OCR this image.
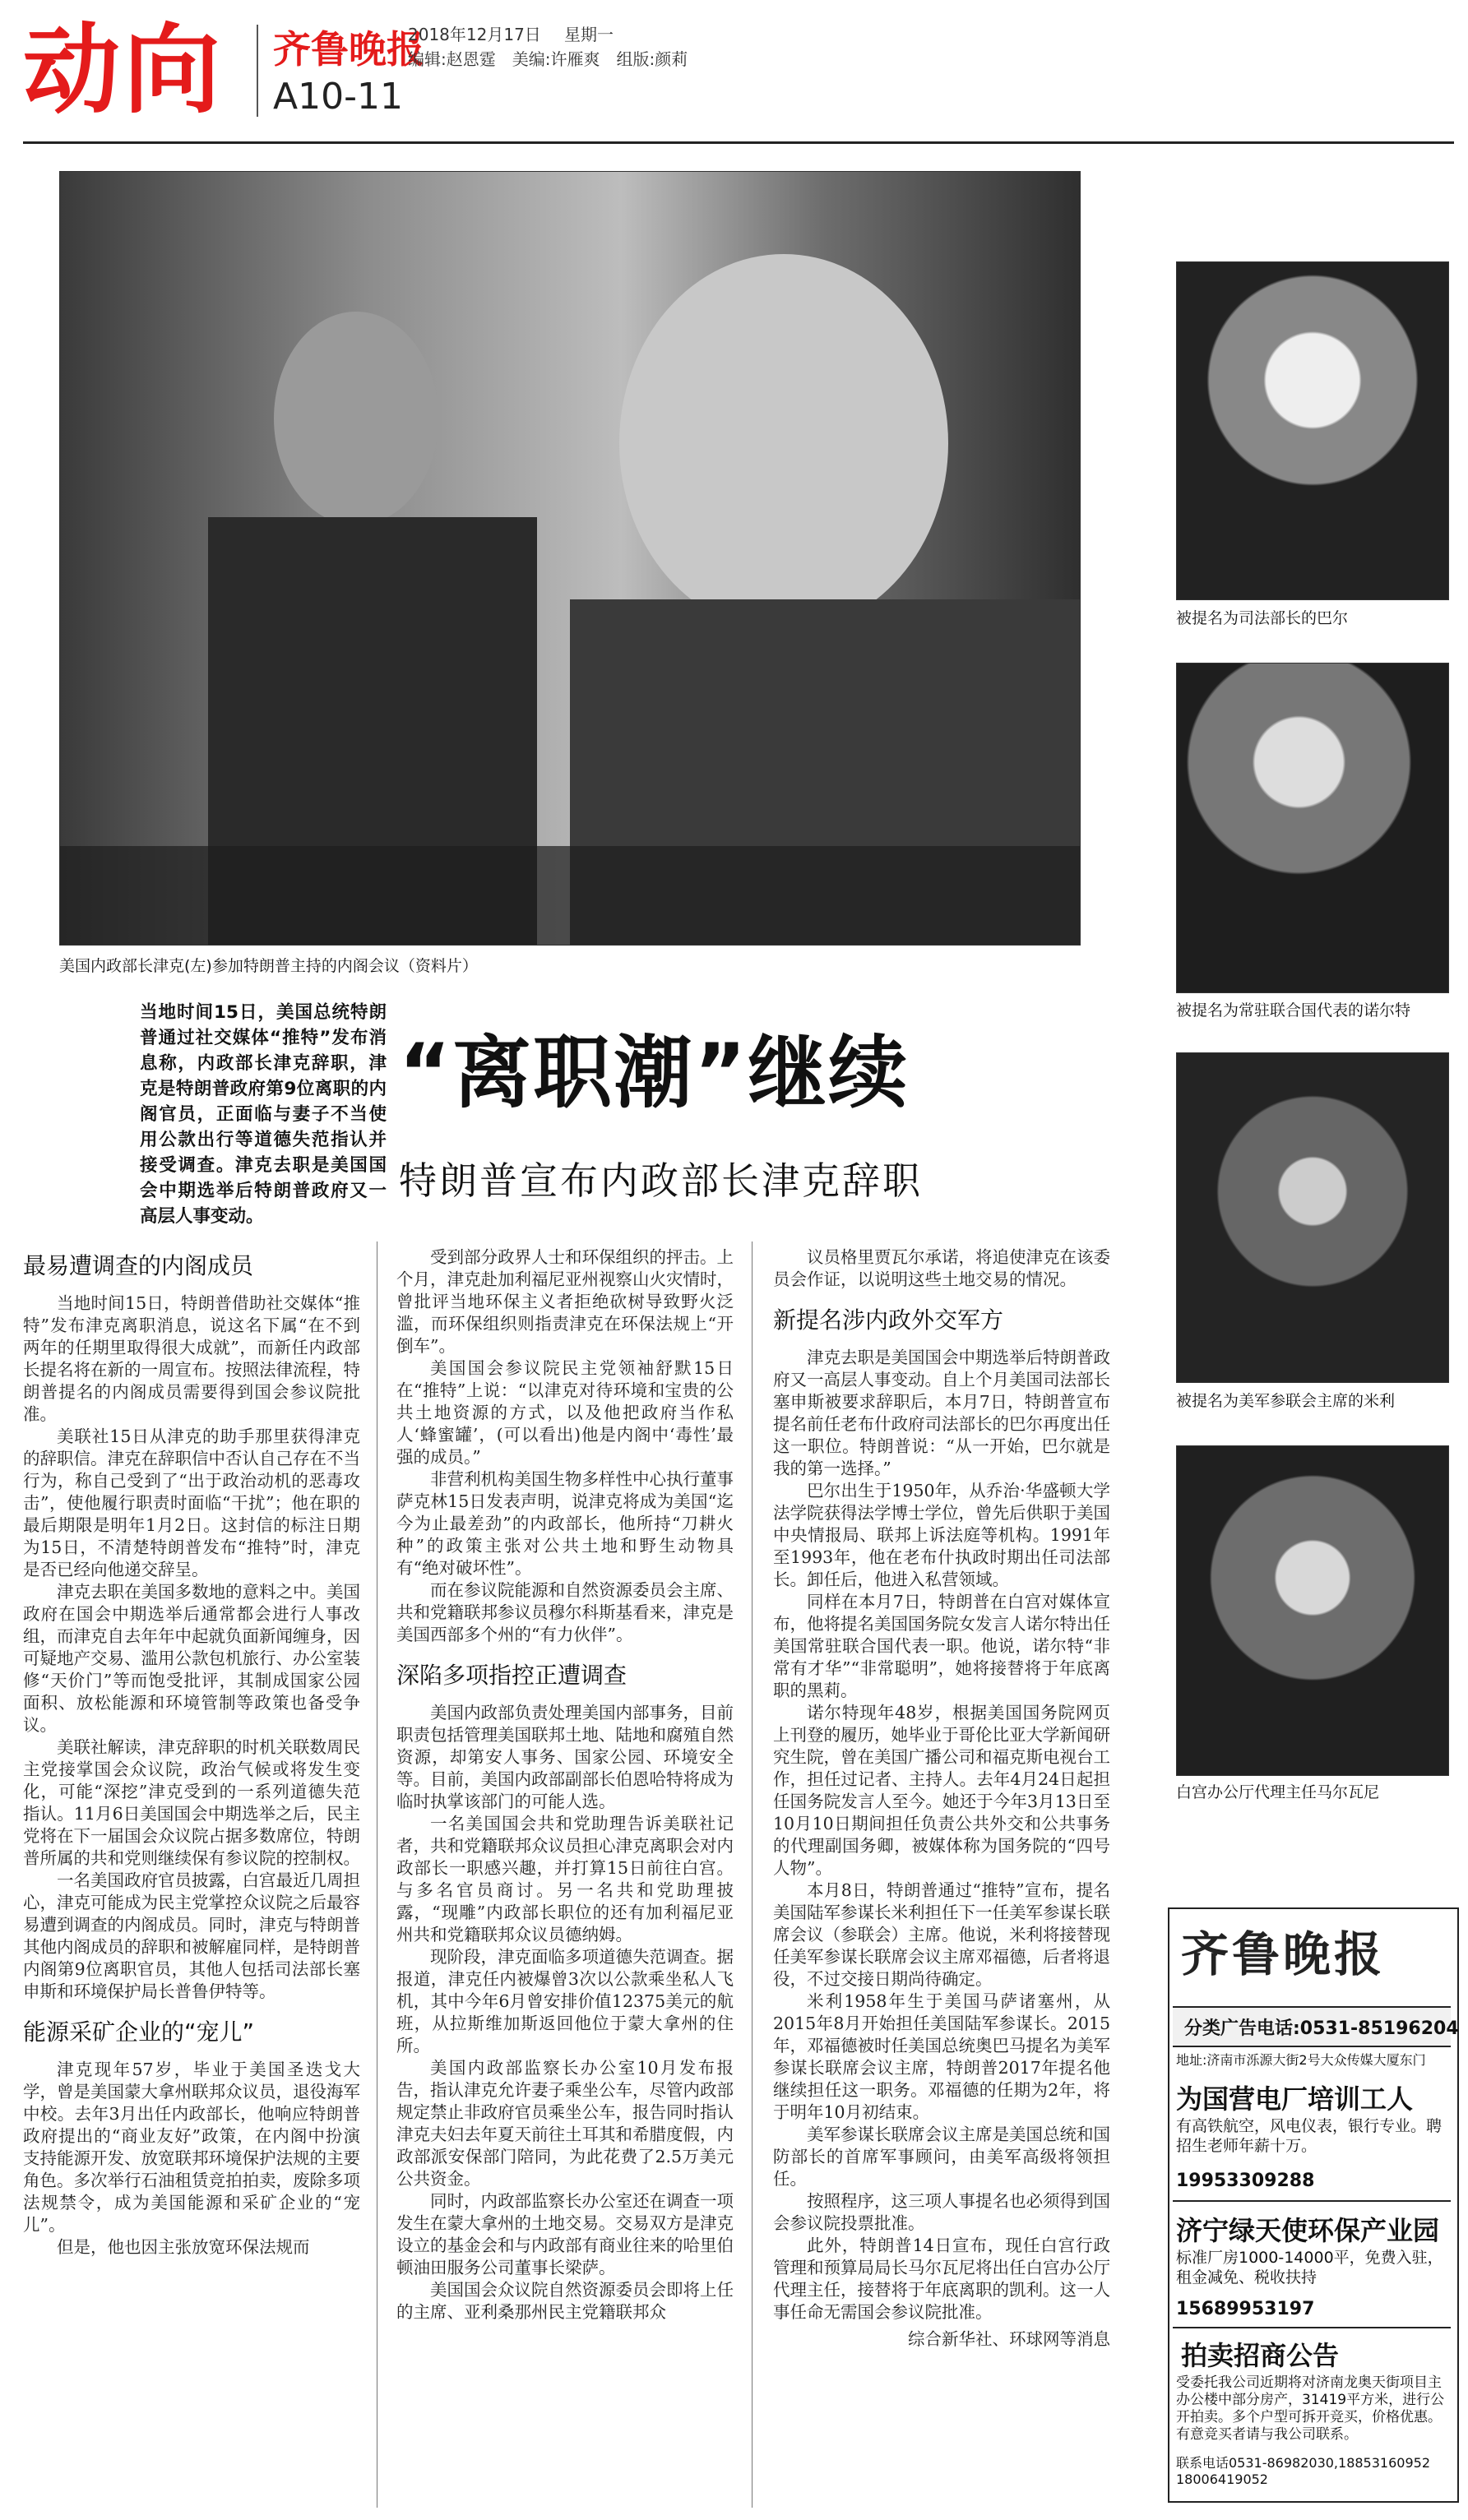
动向	齐鲁晚报
2018年12月17日 星期一
编辑:赵恩霆　美编:许雁爽　组版:颜莉
A10-11
美国内政部长津克(左)参加特朗普主持的内阁会议（资料片）
当地时间15日，美国总统特朗普通过社交媒体“推特”发布消息称，内政部长津克辞职，津克是特朗普政府第9位离职的内阁官员，正面临与妻子不当使用公款出行等道德失范指认并接受调查。津克去职是美国国会中期选举后特朗普政府又一高层人事变动。
“离职潮”继续
特朗普宣布内政部长津克辞职
最易遭调查的内阁成员

当地时间15日，特朗普借助社交媒体“推特”发布津克离职消息，说这名下属“在不到两年的任期里取得很大成就”，而新任内政部长提名将在新的一周宣布。按照法律流程，特朗普提名的内阁成员需要得到国会参议院批准。

美联社15日从津克的助手那里获得津克的辞职信。津克在辞职信中否认自己存在不当行为，称自己受到了“出于政治动机的恶毒攻击”，使他履行职责时面临“干扰”；他在职的最后期限是明年1月2日。这封信的标注日期为15日，不清楚特朗普发布“推特”时，津克是否已经向他递交辞呈。

津克去职在美国多数地的意料之中。美国政府在国会中期选举后通常都会进行人事改组，而津克自去年年中起就负面新闻缠身，因可疑地产交易、滥用公款包机旅行、办公室装修“天价门”等而饱受批评，其制成国家公园面积、放松能源和环境管制等政策也备受争议。

美联社解读，津克辞职的时机关联数周民主党接掌国会众议院，政治气候或将发生变化，可能“深挖”津克受到的一系列道德失范指认。11月6日美国国会中期选举之后，民主党将在下一届国会众议院占据多数席位，特朗普所属的共和党则继续保有参议院的控制权。

一名美国政府官员披露，白宫最近几周担心，津克可能成为民主党掌控众议院之后最容易遭到调查的内阁成员。同时，津克与特朗普其他内阁成员的辞职和被解雇同样，是特朗普内阁第9位离职官员，其他人包括司法部长塞申斯和环境保护局长普鲁伊特等。

能源采矿企业的“宠儿”

津克现年57岁，毕业于美国圣迭戈大学，曾是美国蒙大拿州联邦众议员，退役海军中校。去年3月出任内政部长，他响应特朗普政府提出的“商业友好”政策，在内阁中扮演支持能源开发、放宽联邦环境保护法规的主要角色。多次举行石油租赁竞拍拍卖，废除多项法规禁令，成为美国能源和采矿企业的“宠儿”。

但是，他也因主张放宽环保法规而

受到部分政界人士和环保组织的抨击。上个月，津克赴加利福尼亚州视察山火灾情时，曾批评当地环保主义者拒绝砍树导致野火泛滥，而环保组织则指责津克在环保法规上“开倒车”。

美国国会参议院民主党领袖舒默15日在“推特”上说：“以津克对待环境和宝贵的公共土地资源的方式，以及他把政府当作私人‘蜂蜜罐’，(可以看出)他是内阁中‘毒性’最强的成员。”

非营利机构美国生物多样性中心执行董事萨克林15日发表声明，说津克将成为美国“迄今为止最差劲”的内政部长，他所持“刀耕火种”的政策主张对公共土地和野生动物具有“绝对破坏性”。

而在参议院能源和自然资源委员会主席、共和党籍联邦参议员穆尔科斯基看来，津克是美国西部多个州的“有力伙伴”。

深陷多项指控正遭调查

美国内政部负责处理美国内部事务，目前职责包括管理美国联邦土地、陆地和腐殖自然资源，却第安人事务、国家公园、环境安全等。目前，美国内政部副部长伯恩哈特将成为临时执掌该部门的可能人选。

一名美国国会共和党助理告诉美联社记者，共和党籍联邦众议员担心津克离职会对内政部长一职感兴趣，并打算15日前往白宫。与多名官员商讨。另一名共和党助理披露，“现雕”内政部长职位的还有加利福尼亚州共和党籍联邦众议员德纳姆。

现阶段，津克面临多项道德失范调查。据报道，津克任内被爆曾3次以公款乘坐私人飞机，其中今年6月曾安排价值12375美元的航班，从拉斯维加斯返回他位于蒙大拿州的住所。

美国内政部监察长办公室10月发布报告，指认津克允许妻子乘坐公车，尽管内政部规定禁止非政府官员乘坐公车，报告同时指认津克夫妇去年夏天前往土耳其和希腊度假，内政部派安保部门陪同，为此花费了2.5万美元公共资金。

同时，内政部监察长办公室还在调查一项发生在蒙大拿州的土地交易。交易双方是津克设立的基金会和与内政部有商业往来的哈里伯顿油田服务公司董事长梁萨。

美国国会众议院自然资源委员会即将上任的主席、亚利桑那州民主党籍联邦众

议员格里贾瓦尔承诺，将追使津克在该委员会作证，以说明这些土地交易的情况。

新提名涉内政外交军方

津克去职是美国国会中期选举后特朗普政府又一高层人事变动。自上个月美国司法部长塞申斯被要求辞职后，本月7日，特朗普宣布提名前任老布什政府司法部长的巴尔再度出任这一职位。特朗普说：“从一开始，巴尔就是我的第一选择。”

巴尔出生于1950年，从乔治·华盛顿大学法学院获得法学博士学位，曾先后供职于美国中央情报局、联邦上诉法庭等机构。1991年至1993年，他在老布什执政时期出任司法部长。卸任后，他进入私营领域。

同样在本月7日，特朗普在白宫对媒体宣布，他将提名美国国务院女发言人诺尔特出任美国常驻联合国代表一职。他说，诺尔特“非常有才华”“非常聪明”，她将接替将于年底离职的黑莉。

诺尔特现年48岁，根据美国国务院网页上刊登的履历，她毕业于哥伦比亚大学新闻研究生院，曾在美国广播公司和福克斯电视台工作，担任过记者、主持人。去年4月24日起担任国务院发言人至今。她还于今年3月13日至10月10日期间担任负责公共外交和公共事务的代理副国务卿，被媒体称为国务院的“四号人物”。

本月8日，特朗普通过“推特”宣布，提名美国陆军参谋长米利担任下一任美军参谋长联席会议（参联会）主席。他说，米利将接替现任美军参谋长联席会议主席邓福德，后者将退役，不过交接日期尚待确定。

米利1958年生于美国马萨诸塞州，从2015年8月开始担任美国陆军参谋长。2015年，邓福德被时任美国总统奥巴马提名为美军参谋长联席会议主席，特朗普2017年提名他继续担任这一职务。邓福德的任期为2年，将于明年10月初结束。

美军参谋长联席会议主席是美国总统和国防部长的首席军事顾问，由美军高级将领担任。

按照程序，这三项人事提名也必须得到国会参议院投票批准。

此外，特朗普14日宣布，现任白宫行政管理和预算局局长马尔瓦尼将出任白宫办公厅代理主任，接替将于年底离职的凯利。这一人事任命无需国会参议院批准。

综合新华社、环球网等消息
被提名为司法部长的巴尔
被提名为常驻联合国代表的诺尔特
被提名为美军参联会主席的米利
白宫办公厅代理主任马尔瓦尼
齐鲁晚报
分类广告电话:0531-85196204
地址:济南市泺源大街2号大众传媒大厦东门
为国营电厂培训工人
有高铁航空，风电仪表，银行专业。聘招生老师年薪十万。
19953309288
济宁绿天使环保产业园
标准厂房1000-14000平，免费入驻，租金减免、税收扶持
15689953197
拍卖招商公告
受委托我公司近期将对济南龙奥天街项目主办公楼中部分房产，31419平方米，进行公开拍卖。多个户型可拆开竞买，价格优惠。有意竞买者请与我公司联系。
联系电话0531-86982030,18853160952 18006419052
